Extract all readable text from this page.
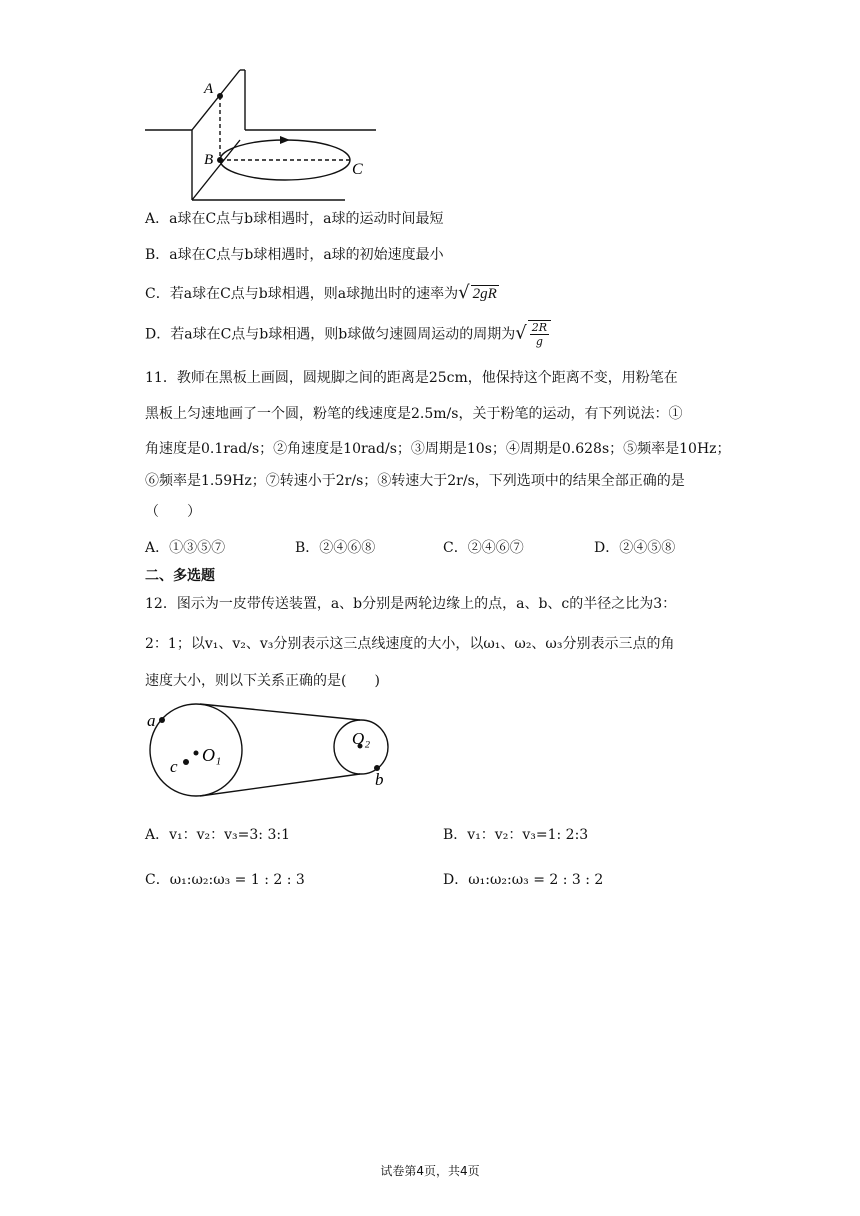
A
B
C
A．a球在C点与b球相遇时，a球的运动时间最短
B．a球在C点与b球相遇时，a球的初始速度最小
C．若a球在C点与b球相遇，则a球抛出时的速率为√ 2gR
D．若a球在C点与b球相遇，则b球做匀速圆周运动的周期为√ $\frac{2R}{g}$
11．教师在黑板上画圆，圆规脚之间的距离是25cm，他保持这个距离不变，用粉笔在
黑板上匀速地画了一个圆，粉笔的线速度是2.5m/s，关于粉笔的运动，有下列说法：①
角速度是0.1rad/s；②角速度是10rad/s；③周期是10s；④周期是0.628s；⑤频率是10Hz；
⑥频率是1.59Hz；⑦转速小于2r/s；⑧转速大于2r/s，下列选项中的结果全部正确的是
（　　）
A．①③⑤⑦	B．②④⑥⑧	C．②④⑥⑦	D．②④⑤⑧
二、多选题
12．图示为一皮带传送装置，a、b分别是两轮边缘上的点，a、b、c的半径之比为3：
2：1；以v₁、v₂、v₃分别表示这三点线速度的大小，以ω₁、ω₂、ω₃分别表示三点的角
速度大小，则以下关系正确的是(　　)
a
c
O₁
O₂
b
A．v₁：v₂：v₃=3: 3:1	B．v₁：v₂：v₃=1: 2:3
C．ω₁:ω₂:ω₃ = 1 : 2 : 3	D．ω₁:ω₂:ω₃ = 2 : 3 : 2
试卷第4页，共4页
